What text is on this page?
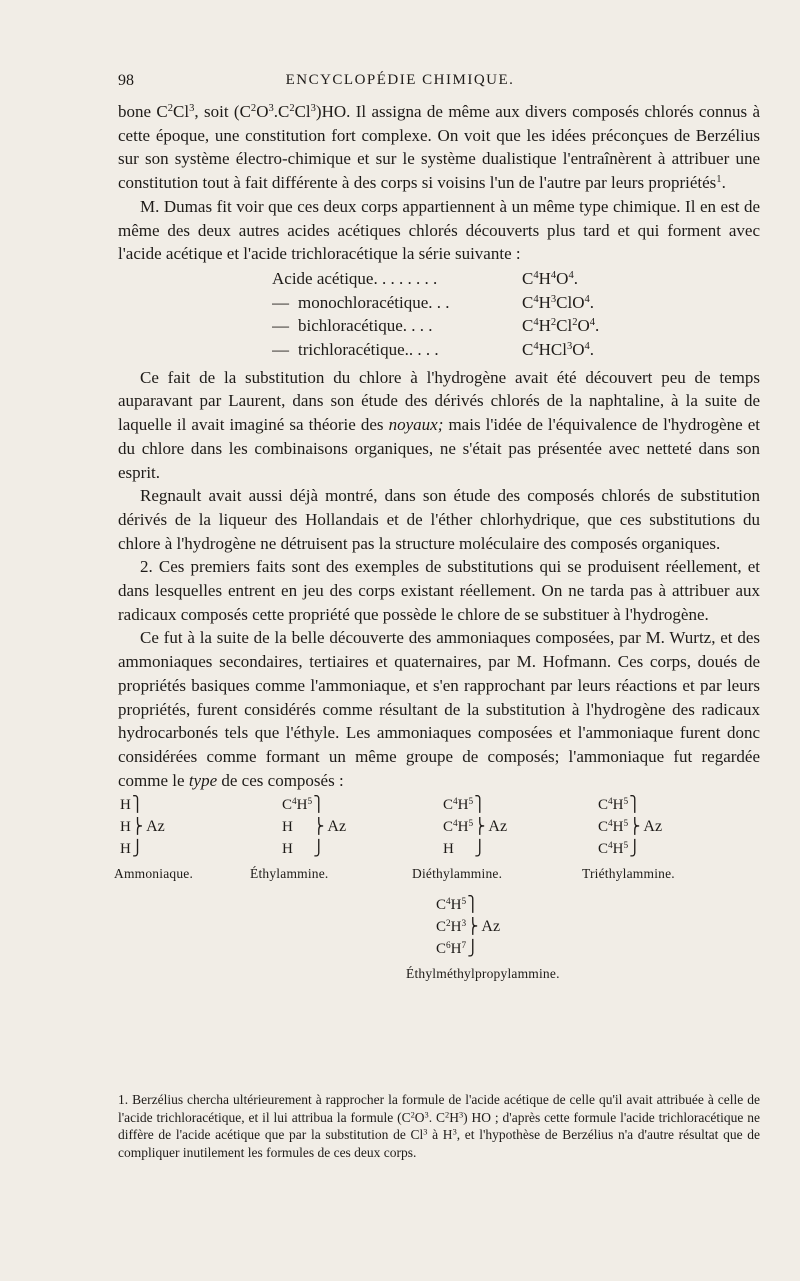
98	ENCYCLOPÉDIE CHIMIQUE.

bone $C^2Cl^3$, soit $(C^2O^3.C^2Cl^3)HO$. Il assigna de même aux divers composés chlorés connus à cette époque, une constitution fort complexe. On voit que les idées préconçues de Berzélius sur son système électro-chimique et sur le système dualistique l'entraînèrent à attribuer une constitution tout à fait différente à des corps si voisins l'un de l'autre par leurs propriétés$^1$.

M. Dumas fit voir que ces deux corps appartiennent à un même type chimique. Il en est de même des deux autres acides acétiques chlorés découverts plus tard et qui forment avec l'acide acétique et l'acide trichloracétique la série suivante :

Acide acétique. . . . . . . .	$C^4H^4O^4$.
— monochloracétique. . .	$C^4H^3ClO^4$.
— bichloracétique. . . .	$C^4H^2Cl^2O^4$.
— trichloracétique.. . . .	$C^4HCl^3O^4$.

Ce fait de la substitution du chlore à l'hydrogène avait été découvert peu de temps auparavant par Laurent, dans son étude des dérivés chlorés de la naphtaline, à la suite de laquelle il avait imaginé sa théorie des noyaux; mais l'idée de l'équivalence de l'hydrogène et du chlore dans les combinaisons organiques, ne s'était pas présentée avec netteté dans son esprit.

Regnault avait aussi déjà montré, dans son étude des composés chlorés de substitution dérivés de la liqueur des Hollandais et de l'éther chlorhydrique, que ces substitutions du chlore à l'hydrogène ne détruisent pas la structure moléculaire des composés organiques.

2. Ces premiers faits sont des exemples de substitutions qui se produisent réellement, et dans lesquelles entrent en jeu des corps existant réellement. On ne tarda pas à attribuer aux radicaux composés cette propriété que possède le chlore de se substituer à l'hydrogène.

Ce fut à la suite de la belle découverte des ammoniaques composées, par M. Wurtz, et des ammoniaques secondaires, tertiaires et quaternaires, par M. Hofmann. Ces corps, doués de propriétés basiques comme l'ammoniaque, et s'en rapprochant par leurs réactions et par leurs propriétés, furent considérés comme résultant de la substitution à l'hydrogène des radicaux hydrocarbonés tels que l'éthyle. Les ammoniaques composées et l'ammoniaque furent donc considérées comme formant un même groupe de composés; l'ammoniaque fut regardée comme le type de ces composés :

H
H
H
⎫
⎬
⎭
Az
Ammoniaque.
$C^4H^5$
H
H
⎫
⎬
⎭
Az
Éthylammine.
$C^4H^5$
$C^4H^5$
H
⎫
⎬
⎭
Az
Diéthylammine.
$C^4H^5$
$C^4H^5$
$C^4H^5$
⎫
⎬
⎭
Az
Triéthylammine.
$C^4H^5$
$C^2H^3$
$C^6H^7$
⎫
⎬
⎭
Az
Éthylméthylpropylammine.

1. Berzélius chercha ultérieurement à rapprocher la formule de l'acide acétique de celle qu'il avait attribuée à celle de l'acide trichloracétique, et il lui attribua la formule ($C^2O^3$. $C^2H^3$) HO ; d'après cette formule l'acide trichloracétique ne diffère de l'acide acétique que par la substitution de Cl$^3$ à $H^3$, et l'hypothèse de Berzélius n'a d'autre résultat que de compliquer inutilement les formules de ces deux corps.
